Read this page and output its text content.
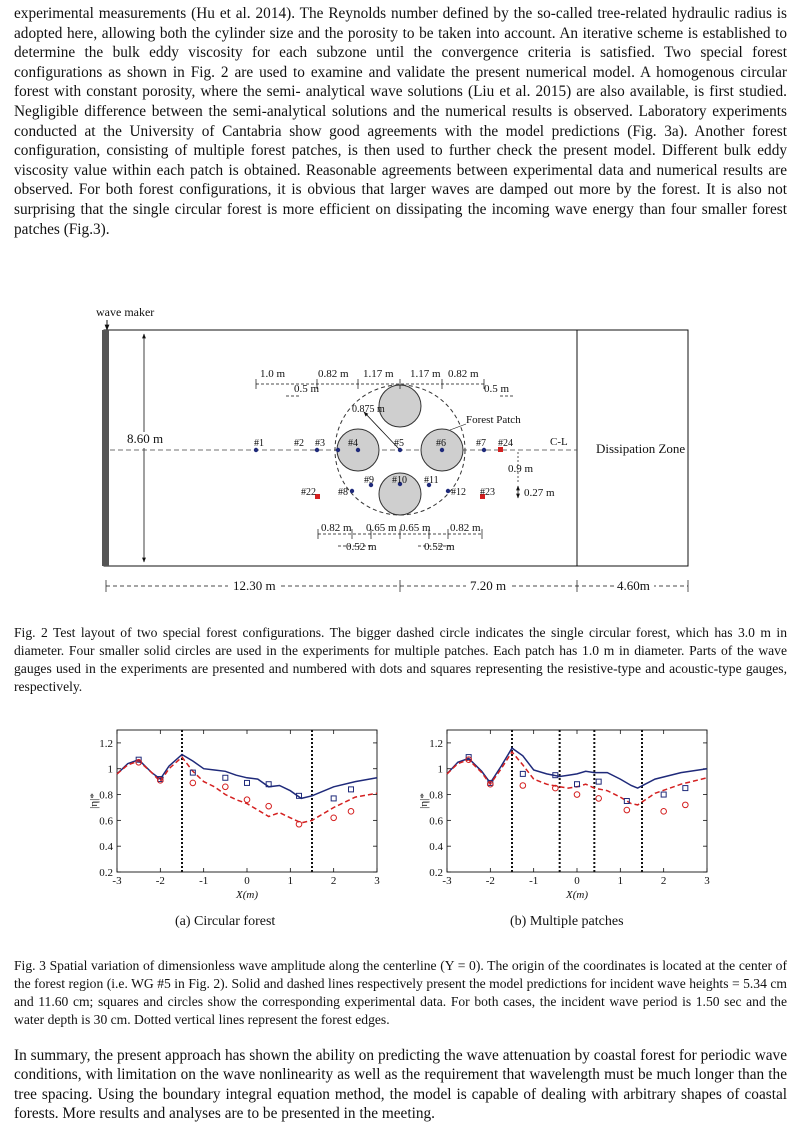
experimental measurements (Hu et al. 2014). The Reynolds number defined by the so-called tree-related hydraulic radius is adopted here, allowing both the cylinder size and the porosity to be taken into account. An iterative scheme is established to determine the bulk eddy viscosity for each subzone until the convergence criteria is satisfied. Two special forest configurations as shown in Fig. 2 are used to examine and validate the present numerical model. A homogenous circular forest with constant porosity, where the semi- analytical wave solutions (Liu et al. 2015) are also available, is first studied. Negligible difference between the semi-analytical solutions and the numerical results is observed. Laboratory experiments conducted at the University of Cantabria show good agreements with the model predictions (Fig. 3a). Another forest configuration, consisting of multiple forest patches, is then used to further check the present model. Different bulk eddy viscosity value within each patch is obtained. Reasonable agreements between experimental data and numerical results are observed. For both forest configurations, it is obvious that larger waves are damped out more by the forest. It is also not surprising that the single circular forest is more efficient on dissipating the incoming wave energy than four smaller forest patches (Fig.3).

wave maker
Dissipation Zone
8.60 m	C-L
0.875 m
Forest Patch
1.0 m	0.82 m 1.17 m 1.17 m 0.82 m
0.5 m	0.5 m
#1	#2 #3 #4	#5	#6	#7 #24
#22 #8
#9 #10 #11
#12 #23
0.9 m
0.27 m
0.82 m 0.65 m 0.65 m 0.82 m
0.52 m	0.52 m
12.30 m	7.20 m	4.60m

Fig. 2 Test layout of two special forest configurations. The bigger dashed circle indicates the single circular forest, which has 3.0 m in diameter. Four smaller solid circles are used in the experiments for multiple patches. Each patch has 1.0 m in diameter. Parts of the wave gauges used in the experiments are presented and numbered with dots and squares representing the resistive-type and acoustic-type gauges, respectively.

-3	-2	-1	0	1	2	3
0.2
0.4
0.6
0.8
1
1.2
X(m)
|η|*
-3	-2	-1	0	1	2	3
0.2
0.4
0.6
0.8
1
1.2
X(m)
|η|*
(a) Circular forest	(b) Multiple patches

Fig. 3 Spatial variation of dimensionless wave amplitude along the centerline (Y = 0). The origin of the coordinates is located at the center of the forest region (i.e. WG #5 in Fig. 2). Solid and dashed lines respectively present the model predictions for incident wave heights = 5.34 cm and 11.60 cm; squares and circles show the corresponding experimental data. For both cases, the incident wave period is 1.50 sec and the water depth is 30 cm. Dotted vertical lines represent the forest edges.

In summary, the present approach has shown the ability on predicting the wave attenuation by coastal forest for periodic wave conditions, with limitation on the wave nonlinearity as well as the requirement that wavelength must be much longer than the tree spacing. Using the boundary integral equation method, the model is capable of dealing with arbitrary shapes of coastal forests. More results and analyses are to be presented in the meeting.
